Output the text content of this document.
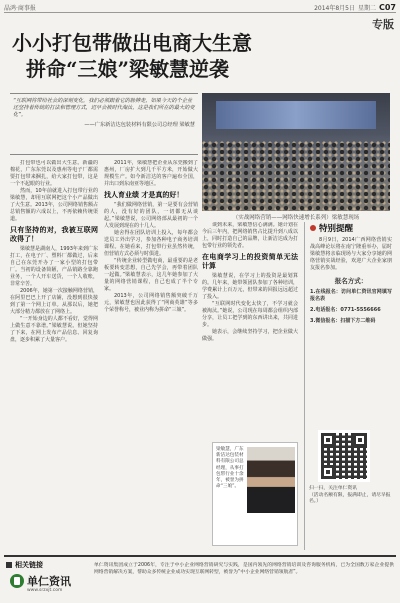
晶鸿·商事报	2014年8月5日 星期二 C07
专版
小小打包带做出电商大生意
拼命“三娘”梁敏慧逆袭
“互联网将带给社会的深刻变化，我们必须跟着它的脉搏走，如果今天的个企业还坚持着传统的打法和管理方式，迟早会被时代淘汰，这是我们所在的最大的变化”。
——广东新洁达包装材料有限公司总经理 梁敏慧
（实战网络营销——网络快速增长系列）梁敏慧现场

打包带也可以做出大生意。新疆的棉花，广东东莞以及惠州等电子厂都需要打包带来捆扎，给大家打包带，这是一个不起眼的行业。

然而，10年前就进入打包带行业的梁敏慧，却用互联网把这个小产品做出了大生意。2013年，公司网络销售额占总销售额的六成以上，不再依赖传统渠道。

只有坚持的对，我被互联网改得了！

梁敏慧是湖南人，1993年来到广东打工，在电子厂、塑料厂都做过，后来自己在东莞开办了一家小型的打包带厂。当初的设备简陋，产品销路全靠跑业务，一个人开车送货，一个人收账，非常辛苦。

2006年，她第一次接触网络营销，在阿里巴巴上开了店铺，没想到很快接到了第一个网上订单。从那以后，她把大部分精力都放在了网络上。

“一开始身边的人都不看好，觉得网上做生意不靠谱。”梁敏慧说。但她坚持了下来，在网上发布产品信息、回复询盘，逐步积累了大量客户。

2011年，梁敏慧把企业从东莞搬到了惠州，厂房扩大到几千平方米，开始做大规模生产。如今新洁达的客户遍布全国，并出口到东南亚等地区。

找人育业绩 才是真的好！

“我们做网络营销，第一是要有会营销的人，没有好的团队，一切都无从谈起。”梁敏慧说，公司网络部从最初的一个人发展到现在的十几人。

她舍得在团队培训上投入，每年都会送员工外出学习，参加各种电子商务培训课程。在她看来，打包带行业虽然传统，但营销方式必须与时俱进。

“传统企业转型做电商，最重要的是老板要转变思想，自己先学会，再带着团队一起做。”梁敏慧表示，这几年她参加了大量的网络营销课程，自己也成了半个专家。

2013年，公司网络销售额突破千万元，梁敏慧也因此获得了“网商英雄”等多个荣誉称号，被业内称为拼命“三娘”。

谈到未来，梁敏慧信心满满。她计划在今后三年内，把网络销售占比提升到八成以上，同时打造自己的品牌，让新洁达成为打包带行业的领先者。

在电商学习上的投资简单无法计算

梁敏慧说，在学习上的投资是最划算的。几年来，她带领团队参加了各种培训，学费累计上百万元，但带来的回报远远超过了投入。

“互联网时代变化太快了，不学习就会被淘汰。”她说，公司现在每周都会组织内部分享，让员工把学到的东西讲出来，共同进步。

她表示，会继续坚持学习，把企业做大做强。

梁敏慧，广东新洁达包装材料有限公司总经理，从事打包带行业十余年，被誉为拼命“三娘”。
特别提醒

8月9日，2014广西网络营销实战高峰论坛将在南宁隆重举办，届时梁敏慧将亲临现场与大家分享她的网络营销实战经验，欢迎广大企业家朋友报名参加。

报名方式：
1.在线报名：访问单仁资讯官网填写报名表
2.电话报名：0771-5556666
3.微信报名：扫描下方二维码
扫一扫，关注单仁资讯
（活动名额有限，报满即止，请尽早报名。）
相关链接
单仁资讯
www.srzxjt.com
单仁资讯集团成立于2006年，专注于中小企业网络营销研究与实践，是国内领先的网络营销培训及咨询服务机构，已为全国数万家企业提供网络营销解决方案，帮助众多传统企业成功实现互联网转型，被誉为“中小企业网络营销领航者”。
